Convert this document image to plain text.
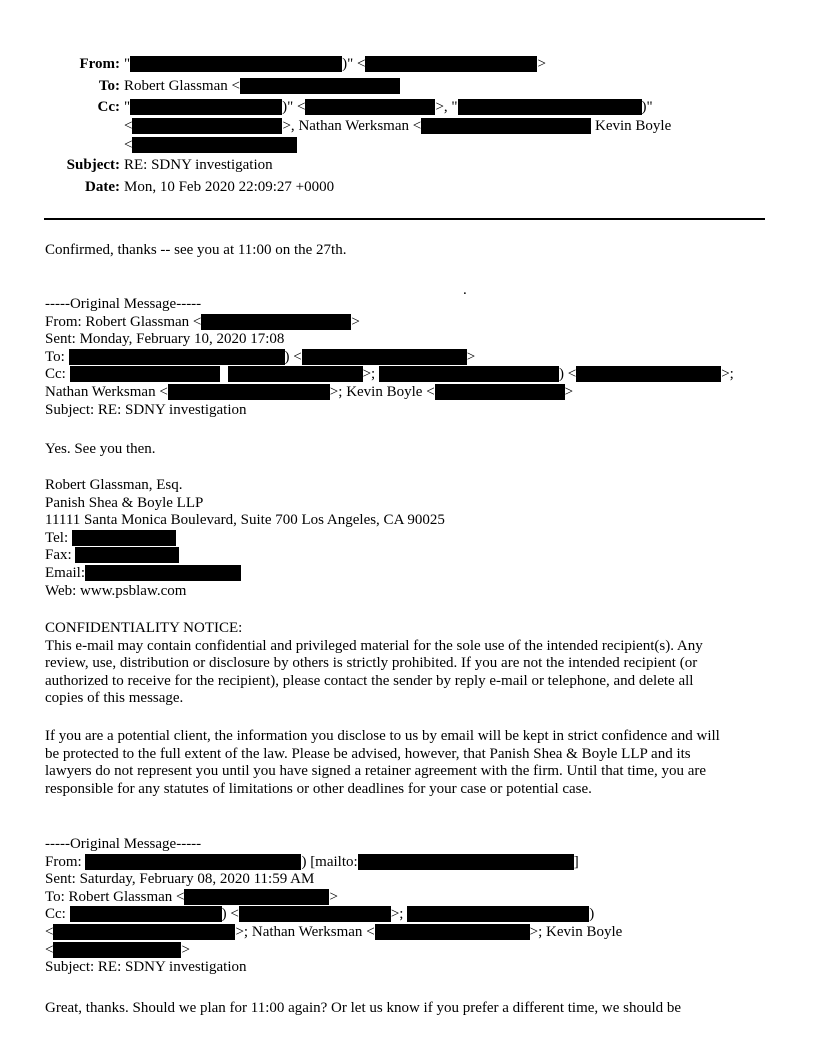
From: "	)" <	>
To: Robert Glassman <
Cc: "	)" <	>, "	)"
<	>, Nathan Werksman <	Kevin Boyle
<
Subject: RE: SDNY investigation
Date: Mon, 10 Feb 2020 22:09:27 +0000
Confirmed, thanks -- see you at 11:00 on the 27th.
.
-----Original Message-----
From: Robert Glassman <	>
Sent: Monday, February 10, 2020 17:08
To:	) <	>
Cc:	>;	) <	>;
Nathan Werksman <	>; Kevin Boyle <	>
Subject: RE: SDNY investigation
Yes. See you then.
Robert Glassman, Esq.
Panish Shea & Boyle LLP
11111 Santa Monica Boulevard, Suite 700 Los Angeles, CA 90025
Tel:
Fax:
Email:
Web: www.psblaw.com
CONFIDENTIALITY NOTICE:
This e-mail may contain confidential and privileged material for the sole use of the intended recipient(s). Any
review, use, distribution or disclosure by others is strictly prohibited. If you are not the intended recipient (or
authorized to receive for the recipient), please contact the sender by reply e-mail or telephone, and delete all
copies of this message.
If you are a potential client, the information you disclose to us by email will be kept in strict confidence and will
be protected to the full extent of the law. Please be advised, however, that Panish Shea & Boyle LLP and its
lawyers do not represent you until you have signed a retainer agreement with the firm. Until that time, you are
responsible for any statutes of limitations or other deadlines for your case or potential case.
-----Original Message-----
From:	) [mailto:	]
Sent: Saturday, February 08, 2020 11:59 AM
To: Robert Glassman <	>
Cc:	) <	>;	)
<	>; Nathan Werksman <	>; Kevin Boyle
<	>
Subject: RE: SDNY investigation
Great, thanks. Should we plan for 11:00 again? Or let us know if you prefer a different time, we should be
